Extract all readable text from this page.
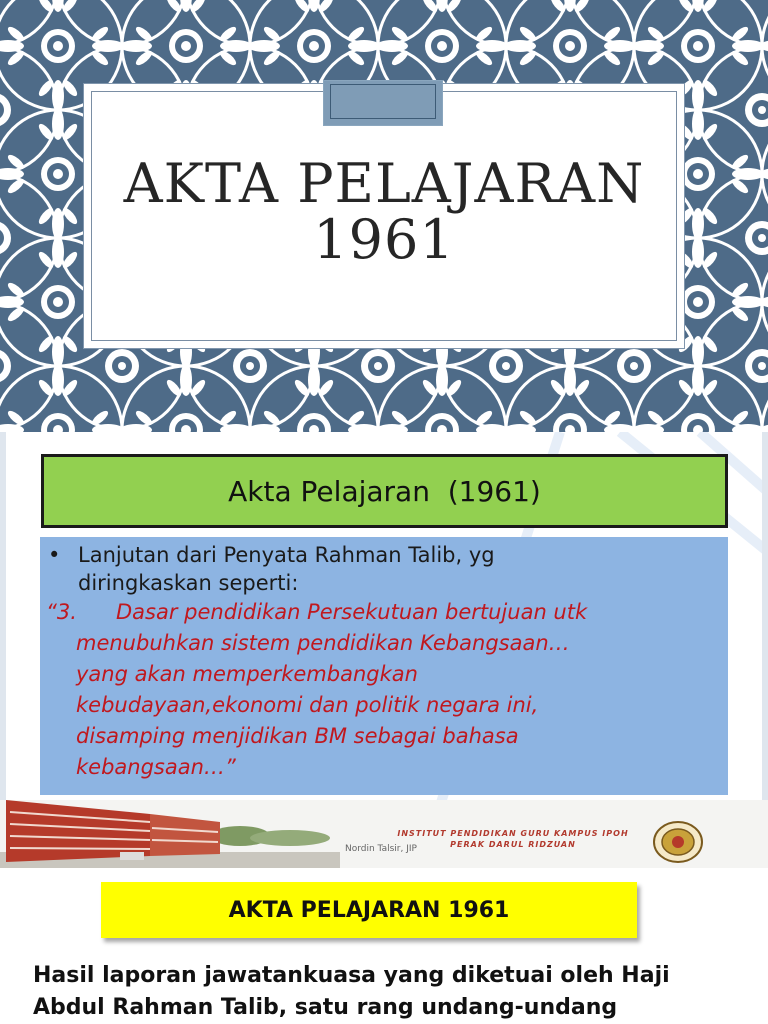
AKTA PELAJARAN
1961
Akta Pelajaran  (1961)
• Lanjutan dari Penyata Rahman Talib, yg
diringkaskan seperti:
“3.	Dasar pendidikan Persekutuan bertujuan utk
menubuhkan sistem pendidikan Kebangsaan…
yang akan memperkembangkan
kebudayaan,ekonomi dan politik negara ini,
disamping menjidikan BM sebagai bahasa
kebangsaan…”
Nordin Talsir, JIP
INSTITUT PENDIDIKAN GURU KAMPUS IPOH
PERAK DARUL RIDZUAN
AKTA PELAJARAN 1961
Hasil laporan jawatankuasa yang diketuai oleh Haji
Abdul Rahman Talib, satu rang undang-undang
